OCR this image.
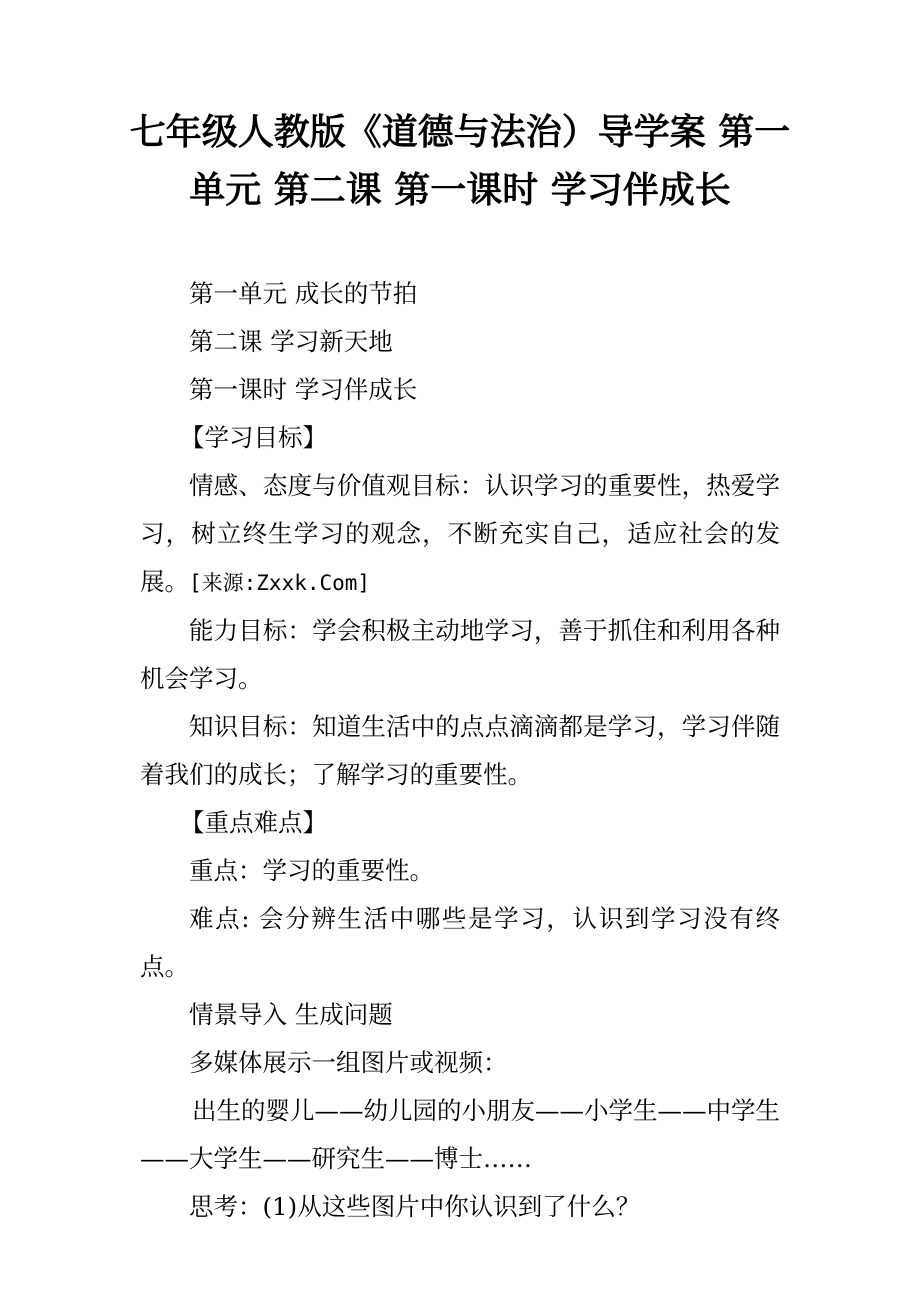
七年级人教版《道德与法治）导学案 第一单元 第二课 第一课时 学习伴成长

第一单元 成长的节拍

第二课 学习新天地

第一课时 学习伴成长

【学习目标】

情感、态度与价值观目标：认识学习的重要性，热爱学习，树立终生学习的观念，不断充实自己，适应社会的发展。[来源:Zxxk.Com]

能力目标：学会积极主动地学习，善于抓住和利用各种机会学习。

知识目标：知道生活中的点点滴滴都是学习，学习伴随着我们的成长；了解学习的重要性。

【重点难点】

重点：学习的重要性。

难点: 会分辨生活中哪些是学习，认识到学习没有终点。

情景导入 生成问题

多媒体展示一组图片或视频：

出生的婴儿——幼儿园的小朋友——小学生——中学生——大学生——研究生——博士……

思考：(1)从这些图片中你认识到了什么？
